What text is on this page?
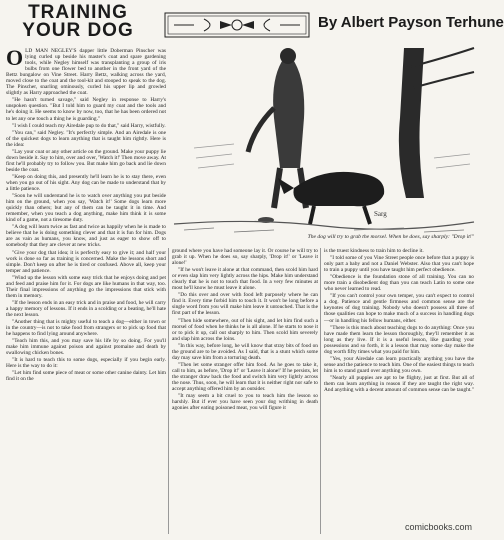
TRAINING YOUR DOG	By Albert Payson Terhune

OLD MAN NEGLEY'S dapper little Doberman Pinscher was lying curled up beside his master's coat and spare gardening tools, while Negley himself was transplanting a group of iris bulbs from one flower bed to another in the front yard of the Bettz bungalow on Vine Street. Harry Bettz, walking across the yard, moved close to the coat and the tool-kit and stooped to speak to the dog. The Pinscher, snarling ominously, curled his upper lip and growled slightly as Harry approached the coat.

"He hasn't turned savage," said Negley in response to Harry's unspoken question. "But I told him to guard my coat and the tools and he's doing it. He seems to know by now, too, that he has been ordered not to let any one touch a thing he is guarding."

"I wish I could teach my Airedale pup to do that," said Harry, wistfully.

"You can," said Negley. "It's perfectly simple. And an Airedale is one of the quickest dogs to learn anything that is taught him rightly. Here is the idea:

"Lay your coat or any other article on the ground. Make your puppy lie down beside it. Say to him, over and over, 'Watch it!' Then move away. At first he'll probably try to follow you. But make him go back and lie down beside the coat.

"Keep on doing this, and presently he'll learn he is to stay there, even when you go out of his sight. Any dog can be made to understand that by a little patience.

"Soon he will understand he is to watch over anything you put beside him on the ground, when you say, 'Watch it!' Some dogs learn more quickly than others; but any of them can be taught it in time. And remember, when you teach a dog anything, make him think it is some kind of a game, not a tiresome duty.

"A dog will learn twice as fast and twice as happily when he is made to believe that he is doing something clever and that it is fun for him. Dogs are as vain as humans, you know, and just as eager to show off to somebody that they are clever at new tricks.

"Give your dog that idea; it is perfectly easy to give it; and half your work is done so far as training is concerned. Make the lessons short and simple. Don't keep on after he is tired or confused. Above all, keep your temper and patience.

"Wind up the lesson with some easy trick that he enjoys doing and pet and feed and praise him for it. For dogs are like humans in that way, too. Their final impressions of anything go the impressions that stick with them in memory.

"If the lesson ends in an easy trick and in praise and food, he will carry a happy memory of lessons. If it ends in a scolding or a beating, he'll hate the next lesson.

"Another thing that is mighty useful to teach a dog—either in town or in the country—is not to take food from strangers or to pick up food that he happens to find lying around anywhere.

"Teach him this, and you may save his life by so doing. For you'll make him immune against poison and against ptomaine and death by swallowing chicken bones.

"It is hard to teach this to some dogs, especially if you begin early. Here is the way to do it:

"Let him find some piece of meat or some other canine dainty. Let him find it on the

Sarg
The dog will try to grab the morsel. When he does, say sharply: "Drop it!"

ground where you have had someone lay it. Or course he will try to grab it up. When he does so, say sharply, 'Drop it!' or 'Leave it alone!'

"If he won't leave it alone at that command, then scold him hard or even slap him very lightly across the hips. Make him understand clearly that he is not to touch that food. In a very few minutes at most he'll know he must leave it alone.

"Do this over and over with food left purposely where he can find it. Every time forbid him to touch it. It won't be long before a single word from you will make him leave it untouched. That is the first part of the lesson.

"Then hide somewhere, out of his sight, and let him find such a morsel of food when he thinks he is all alone. If he starts to nose it or to pick it up, call out sharply to him. Then scold him severely and slap him across the loins.

"In this way, before long, he will know that stray bits of food on the ground are to be avoided. As I said, that is a stunt which some day may save him from a torturing death.

"Then let some stranger offer him food. As he goes to take it, call to him, as before, 'Drop it!' or 'Leave it alone!' If he persists, let the stranger draw back the food and switch him very lightly across the nose. Thus, soon, he will learn that it is neither right nor safe to accept anything offered him by an outsider.

"It may seem a bit cruel to you to teach him the lesson so harshly. But if ever you have seen your dog writhing in death agonies after eating poisoned meat, you will figure it

is the truest kindness to train him to decline it.

"I told some of you Vine Street people once before that a puppy is only part a baby and not a Daniel Webster. Also that you can't hope to train a puppy until you have taught him perfect obedience.

"Obedience is the foundation stone of all training. You can no more train a disobedient dog than you can teach Latin to some one who never learned to read.

"If you can't control your own temper, you can't expect to control a dog. Patience and gentle firmness and common sense are the keynotes of dog training. Nobody who doesn't possess all three of those qualities can hope to make much of a success in handling dogs—or in handling his fellow humans, either.

"There is this much about teaching dogs to do anything: Once you have made them learn the lesson thoroughly, they'll remember it as long as they live. If it is a useful lesson, like guarding your possessions and so forth, it is a lesson that may some day make the dog worth fifty times what you paid for him.

"Yes, your Airedale can learn practically anything you have the sense and the patience to teach him. One of the easiest things to teach him is to stand guard over anything you own.

"Nearly all puppies are apt to be flighty, just at first. But all of them can learn anything in reason if they are taught the right way. And anything with a decent amount of common sense can be taught."

comicbooks.com
